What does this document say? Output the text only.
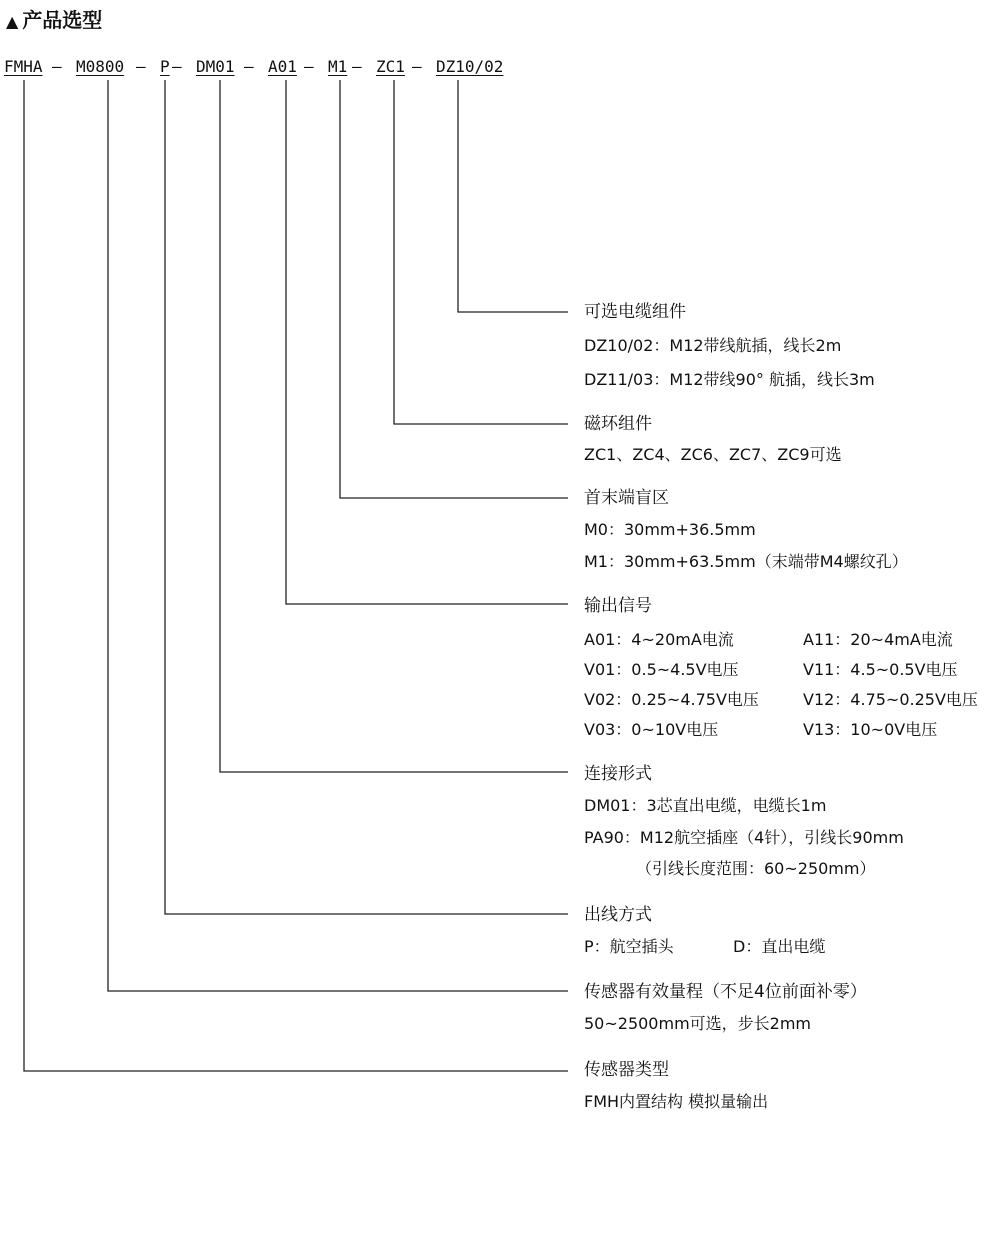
▲ 产品选型
FMHA — M0800 — P — DM01 — A01 — M1 — ZC1 — DZ10/02
可选电缆组件
DZ10/02：M12带线航插，线长2m
DZ11/03：M12带线90° 航插，线长3m
磁环组件
ZC1、ZC4、ZC6、ZC7、ZC9可选
首末端盲区
M0：30mm+36.5mm
M1：30mm+63.5mm（末端带M4螺纹孔）
输出信号
A01：4~20mA电流
V01：0.5~4.5V电压
V02：0.25~4.75V电压
V03：0~10V电压
A11：20~4mA电流
V11：4.5~0.5V电压
V12：4.75~0.25V电压
V13：10~0V电压
连接形式
DM01：3芯直出电缆，电缆长1m
PA90：M12航空插座（4针），引线长90mm
（引线长度范围：60~250mm）
出线方式
P：航空插头	D：直出电缆
传感器有效量程（不足4位前面补零）
50~2500mm可选，步长2mm
传感器类型
FMH内置结构 模拟量输出
